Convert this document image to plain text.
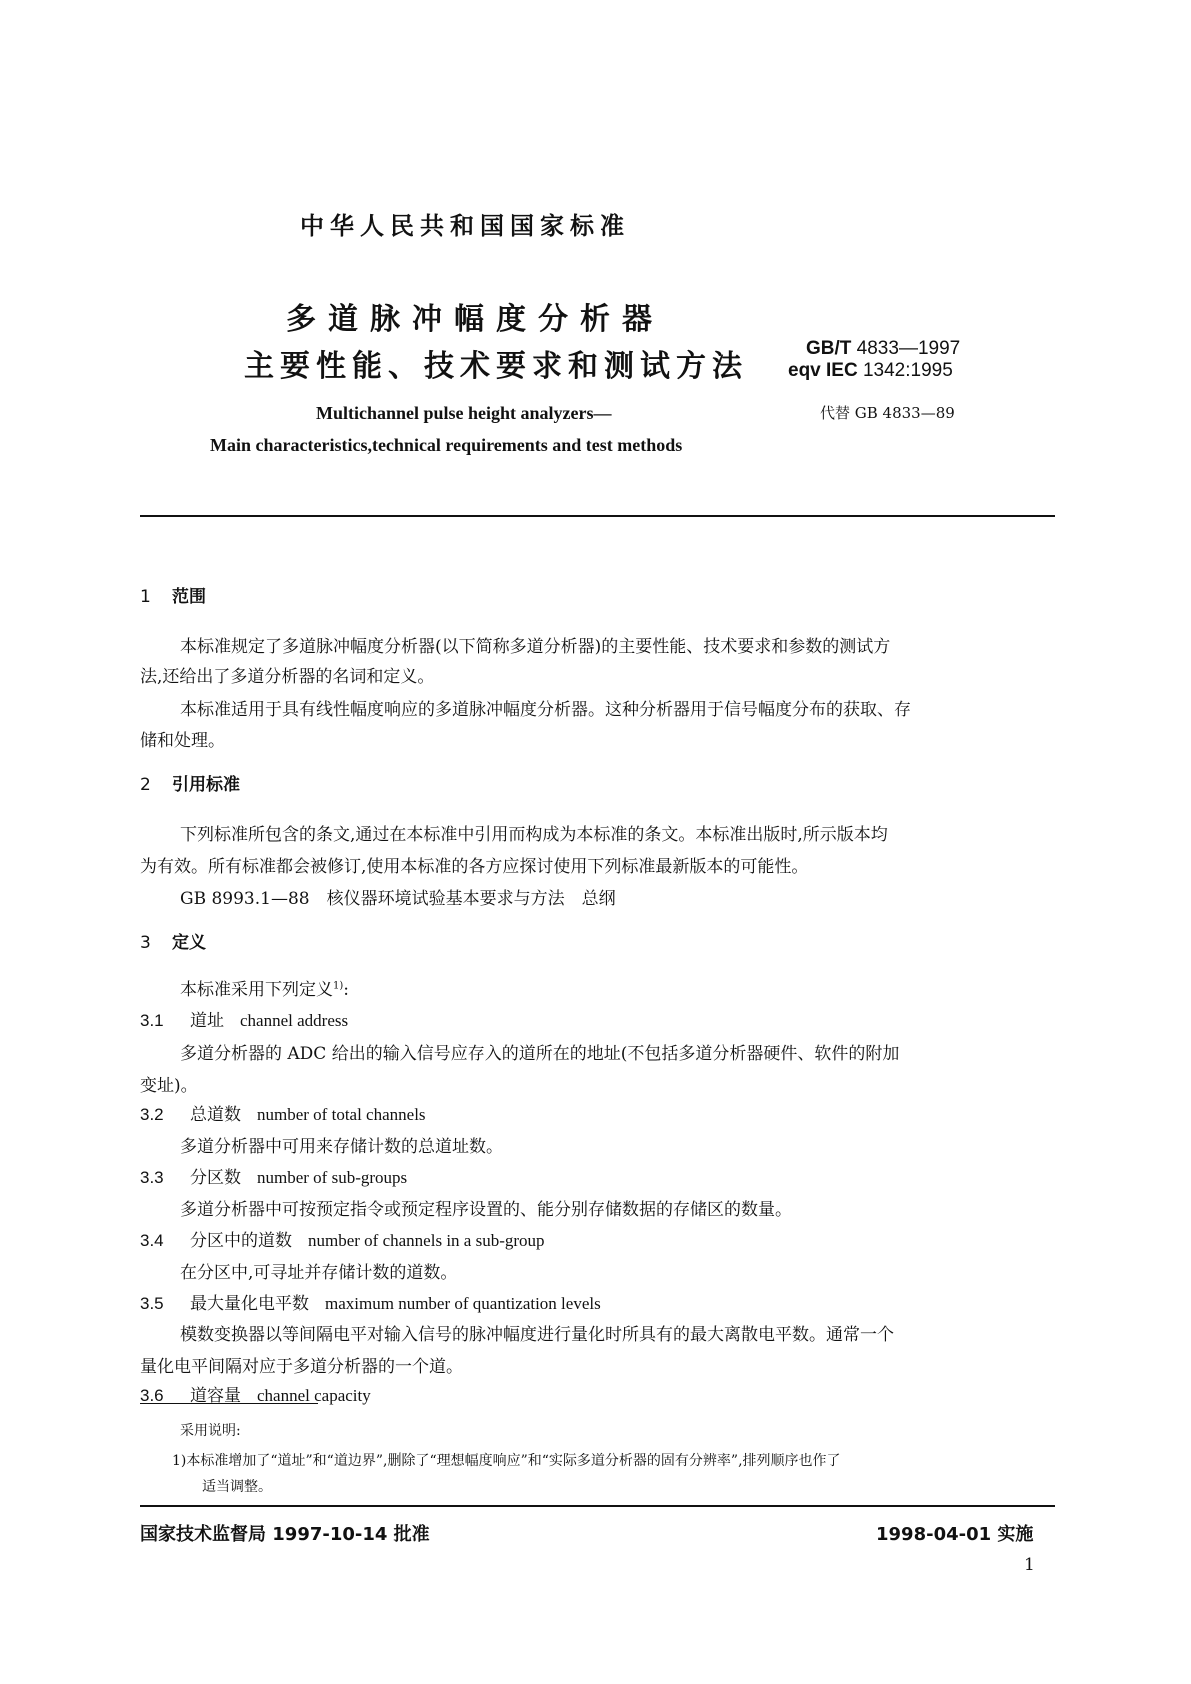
中华人民共和国国家标准
多道脉冲幅度分析器
主要性能、技术要求和测试方法
GB/T 4833—1997
eqv IEC 1342:1995
代替 GB 4833—89
Multichannel pulse height analyzers—
Main characteristics,technical requirements and test methods
1 范围
本标准规定了多道脉冲幅度分析器(以下简称多道分析器)的主要性能、技术要求和参数的测试方
法,还给出了多道分析器的名词和定义。
本标准适用于具有线性幅度响应的多道脉冲幅度分析器。这种分析器用于信号幅度分布的获取、存
储和处理。
2 引用标准
下列标准所包含的条文,通过在本标准中引用而构成为本标准的条文。本标准出版时,所示版本均
为有效。所有标准都会被修订,使用本标准的各方应探讨使用下列标准最新版本的可能性。
GB 8993.1—88　核仪器环境试验基本要求与方法　总纲
3 定义
本标准采用下列定义$^{1)}$:
3.1 道址 channel address
多道分析器的 ADC 给出的输入信号应存入的道所在的地址(不包括多道分析器硬件、软件的附加
变址)。
3.2 总道数 number of total channels
多道分析器中可用来存储计数的总道址数。
3.3 分区数 number of sub-groups
多道分析器中可按预定指令或预定程序设置的、能分别存储数据的存储区的数量。
3.4 分区中的道数 number of channels in a sub-group
在分区中,可寻址并存储计数的道数。
3.5 最大量化电平数 maximum number of quantization levels
模数变换器以等间隔电平对输入信号的脉冲幅度进行量化时所具有的最大离散电平数。通常一个
量化电平间隔对应于多道分析器的一个道。
3.6 道容量 channel capacity
采用说明:
1)本标准增加了“道址”和“道边界”,删除了“理想幅度响应”和“实际多道分析器的固有分辨率”,排列顺序也作了
适当调整。
国家技术监督局 1997-10-14 批准	1998-04-01 实施
1
